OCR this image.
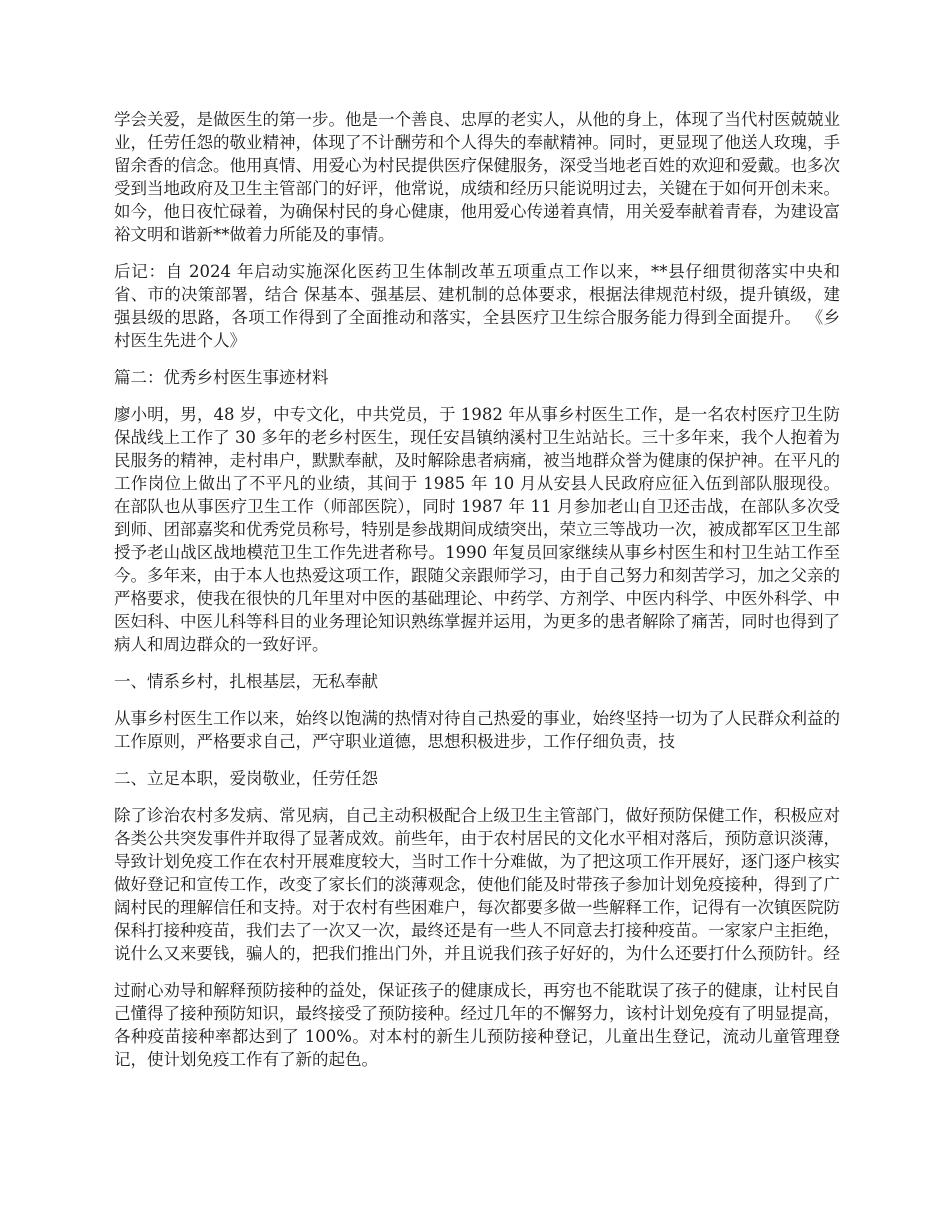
学会关爱，是做医生的第一步。他是一个善良、忠厚的老实人，从他的身上，体现了当代村医兢兢业业，任劳任怨的敬业精神，体现了不计酬劳和个人得失的奉献精神。同时，更显现了他送人玫瑰，手留余香的信念。他用真情、用爱心为村民提供医疗保健服务，深受当地老百姓的欢迎和爱戴。也多次受到当地政府及卫生主管部门的好评，他常说，成绩和经历只能说明过去，关键在于如何开创未来。如今，他日夜忙碌着，为确保村民的身心健康，他用爱心传递着真情，用关爱奉献着青春，为建设富裕文明和谐新**做着力所能及的事情。

后记：自 2024 年启动实施深化医药卫生体制改革五项重点工作以来，**县仔细贯彻落实中央和省、市的决策部署，结合 保基本、强基层、建机制的总体要求，根据法律规范村级，提升镇级，建强县级的思路，各项工作得到了全面推动和落实，全县医疗卫生综合服务能力得到全面提升。 《乡村医生先进个人》

篇二：优秀乡村医生事迹材料

廖小明，男，48 岁，中专文化，中共党员，于 1982 年从事乡村医生工作，是一名农村医疗卫生防保战线上工作了 30 多年的老乡村医生，现任安昌镇纳溪村卫生站站长。三十多年来，我个人抱着为民服务的精神，走村串户，默默奉献，及时解除患者病痛，被当地群众誉为健康的保护神。在平凡的工作岗位上做出了不平凡的业绩，其间于 1985 年 10 月从安县人民政府应征入伍到部队服现役。在部队也从事医疗卫生工作（师部医院），同时 1987 年 11 月参加老山自卫还击战，在部队多次受到师、团部嘉奖和优秀党员称号，特别是参战期间成绩突出，荣立三等战功一次，被成都军区卫生部授予老山战区战地模范卫生工作先进者称号。1990 年复员回家继续从事乡村医生和村卫生站工作至今。多年来，由于本人也热爱这项工作，跟随父亲跟师学习，由于自己努力和刻苦学习，加之父亲的严格要求，使我在很快的几年里对中医的基础理论、中药学、方剂学、中医内科学、中医外科学、中医妇科、中医儿科等科目的业务理论知识熟练掌握并运用，为更多的患者解除了痛苦，同时也得到了病人和周边群众的一致好评。

一、情系乡村，扎根基层，无私奉献

从事乡村医生工作以来，始终以饱满的热情对待自己热爱的事业，始终坚持一切为了人民群众利益的工作原则，严格要求自己，严守职业道德，思想积极进步，工作仔细负责，技

二、立足本职，爱岗敬业，任劳任怨

除了诊治农村多发病、常见病，自己主动积极配合上级卫生主管部门，做好预防保健工作，积极应对各类公共突发事件并取得了显著成效。前些年，由于农村居民的文化水平相对落后，预防意识淡薄，导致计划免疫工作在农村开展难度较大，当时工作十分难做，为了把这项工作开展好，逐门逐户核实做好登记和宣传工作，改变了家长们的淡薄观念，使他们能及时带孩子参加计划免疫接种，得到了广阔村民的理解信任和支持。对于农村有些困难户，每次都要多做一些解释工作，记得有一次镇医院防保科打接种疫苗，我们去了一次又一次，最终还是有一些人不同意去打接种疫苗。一家家户主拒绝，说什么又来要钱，骗人的，把我们推出门外，并且说我们孩子好好的，为什么还要打什么预防针。经

过耐心劝导和解释预防接种的益处，保证孩子的健康成长，再穷也不能耽误了孩子的健康，让村民自己懂得了接种预防知识，最终接受了预防接种。经过几年的不懈努力，该村计划免疫有了明显提高，各种疫苗接种率都达到了 100%。对本村的新生儿预防接种登记，儿童出生登记，流动儿童管理登记，使计划免疫工作有了新的起色。
